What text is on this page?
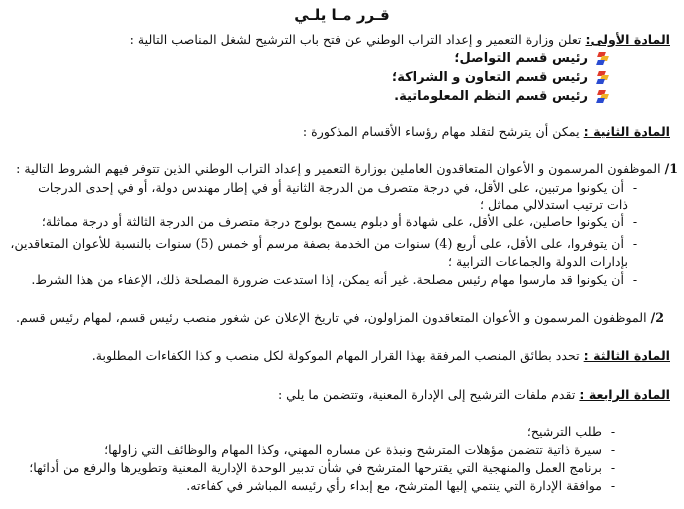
قـرر مـا يلـي
المادة الأولى: تعلن وزارة التعمير و إعداد التراب الوطني عن فتح باب الترشيح لشغل المناصب التالية :
رئيس قسم التواصل؛
رئيس قسم التعاون و الشراكة؛
رئيس قسم النظم المعلوماتية.
المادة الثانية : يمكن أن يترشح لتقلد مهام رؤساء الأقسام المذكورة :
1/ الموظفون المرسمون و الأعوان المتعاقدون العاملين بوزارة التعمير و إعداد التراب الوطني الذين تتوفر فيهم الشروط التالية :
-أن يكونوا مرتبين، على الأقل، في درجة متصرف من الدرجة الثانية أو في إطار مهندس دولة، أو في إحدى الدرجات
ذات ترتيب استدلالي مماثل ؛
-أن يكونوا حاصلين، على الأقل، على شهادة أو دبلوم يسمح بولوج درجة متصرف من الدرجة الثالثة أو درجة مماثلة؛
-أن يتوفروا، على الأقل، على أربع (4) سنوات من الخدمة بصفة مرسم أو خمس (5) سنوات بالنسبة للأعوان المتعاقدين،
بإدارات الدولة والجماعات الترابية ؛
-أن يكونوا قد مارسوا مهام رئيس مصلحة. غير أنه يمكن، إذا استدعت ضرورة المصلحة ذلك، الإعفاء من هذا الشرط.
2/ الموظفون المرسمون و الأعوان المتعاقدون المزاولون، في تاريخ الإعلان عن شغور منصب رئيس قسم، لمهام رئيس قسم.
المادة الثالثة : تحدد بطائق المنصب المرفقة بهذا القرار المهام الموكولة لكل منصب و كذا الكفاءات المطلوبة.
المادة الرابعة : تقدم ملفات الترشيح إلى الإدارة المعنية، وتتضمن ما يلي :
-طلب الترشيح؛
-سيرة ذاتية تتضمن مؤهلات المترشح ونبذة عن مساره المهني، وكذا المهام والوظائف التي زاولها؛
-برنامج العمل والمنهجية التي يقترحها المترشح في شأن تدبير الوحدة الإدارية المعنية وتطويرها والرفع من أدائها؛
-موافقة الإدارة التي ينتمي إليها المترشح، مع إبداء رأي رئيسه المباشر في كفاءته.
